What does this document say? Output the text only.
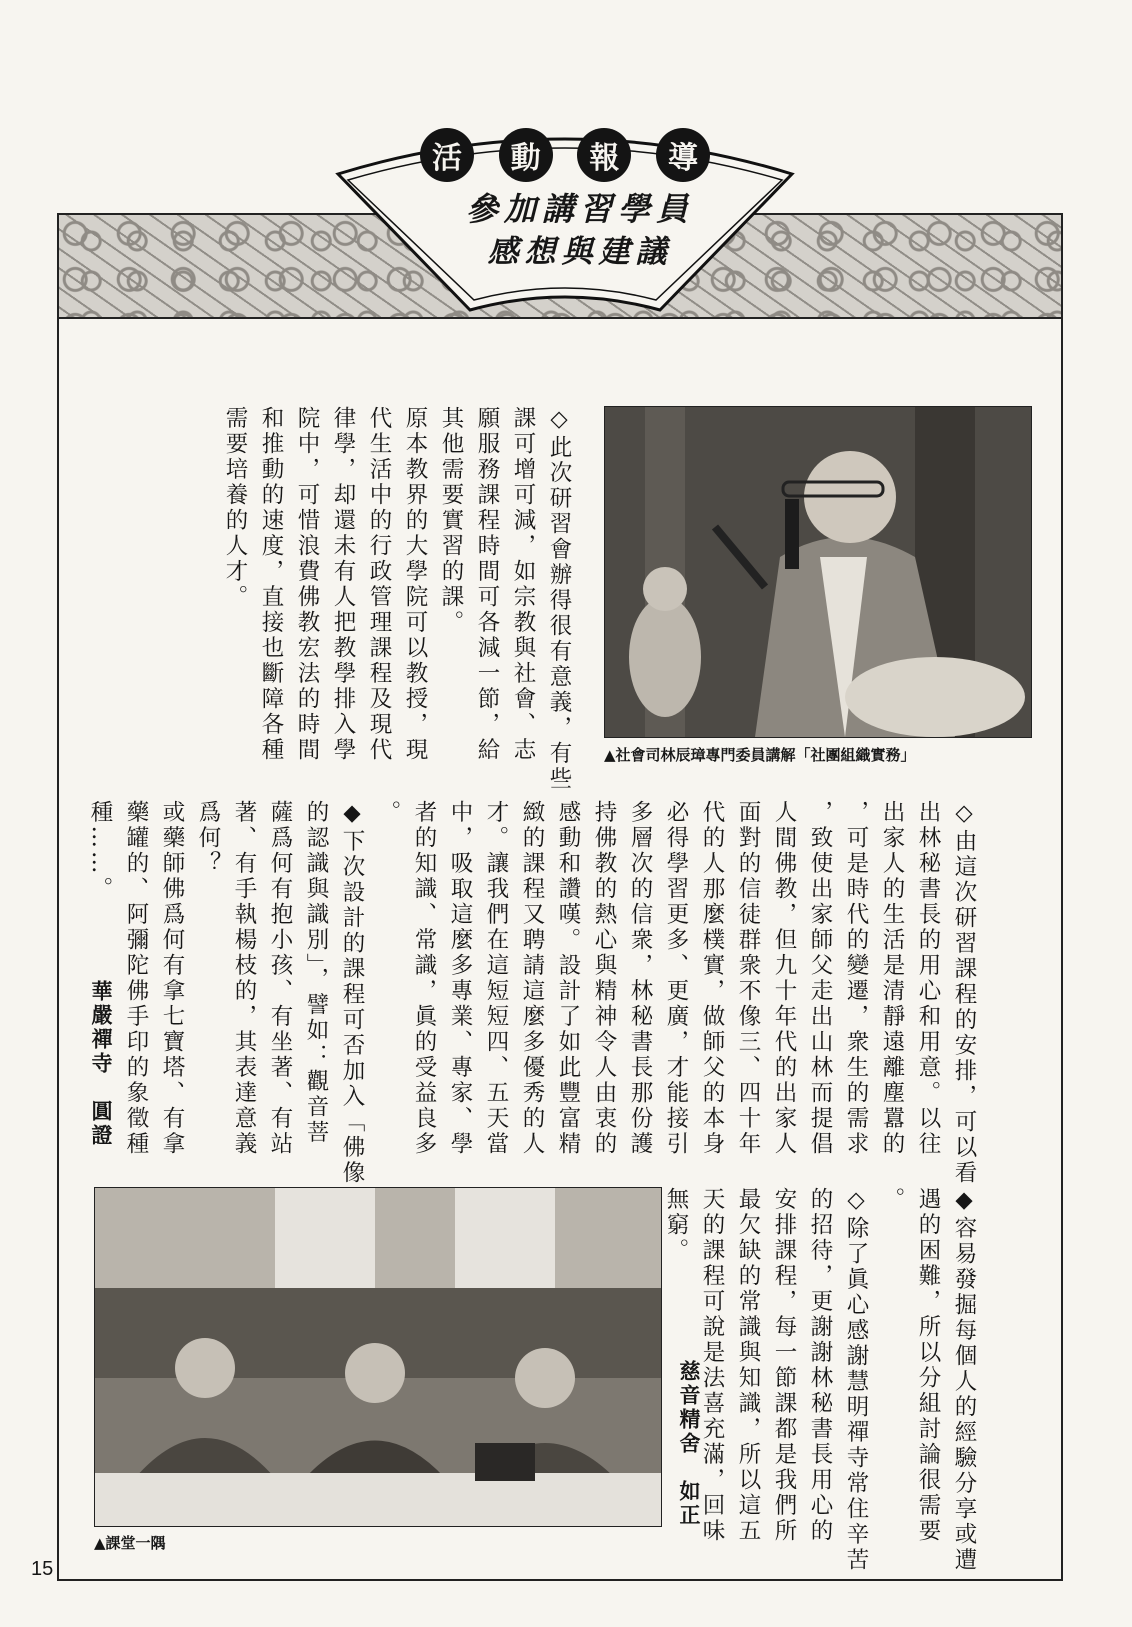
活	動	報	導
參加講習學員
感想與建議
▲社會司林辰璋專門委員講解「社團組織實務」
◇此次研習會辦得很有意義，有些
課可增可減，如宗教與社會、志
願服務課程時間可各減一節，給
其他需要實習的課。
原本教界的大學院可以教授，現
代生活中的行政管理課程及現代
律學，却還未有人把教學排入學
院中，可惜浪費佛教宏法的時間
和推動的速度，直接也斷障各種
需要培養的人才。
◇由這次研習課程的安排，可以看
出林秘書長的用心和用意。以往
出家人的生活是清靜遠離塵囂的
，可是時代的變遷，衆生的需求
，致使出家師父走出山林而提倡
人間佛教，但九十年代的出家人
面對的信徒群衆不像三、四十年
代的人那麼樸實，做師父的本身
必得學習更多、更廣，才能接引
多層次的信衆，林秘書長那份護
持佛教的熱心與精神令人由衷的
感動和讚嘆。設計了如此豐富精
緻的課程又聘請這麼多優秀的人
才。讓我們在這短短四、五天當
中，吸取這麼多專業、專家、學
者的知識、常識，眞的受益良多
。
◆下次設計的課程可否加入「佛像
的認識與識別」，譬如：觀音菩
薩爲何有抱小孩、有坐著、有站
著、有手執楊枝的，其表達意義
爲何？
或藥師佛爲何有拿七寶塔、有拿
藥罐的、阿彌陀佛手印的象徵種
種……。
華嚴禪寺　圓證
◆容易發掘每個人的經驗分享或遭
遇的困難，所以分組討論很需要
。
◇除了眞心感謝慧明禪寺常住辛苦
的招待，更謝謝林秘書長用心的
安排課程，每一節課都是我們所
最欠缺的常識與知識，所以這五
天的課程可說是法喜充滿，回味
無窮。
慈音精舍　如正
▲課堂一隅
15
